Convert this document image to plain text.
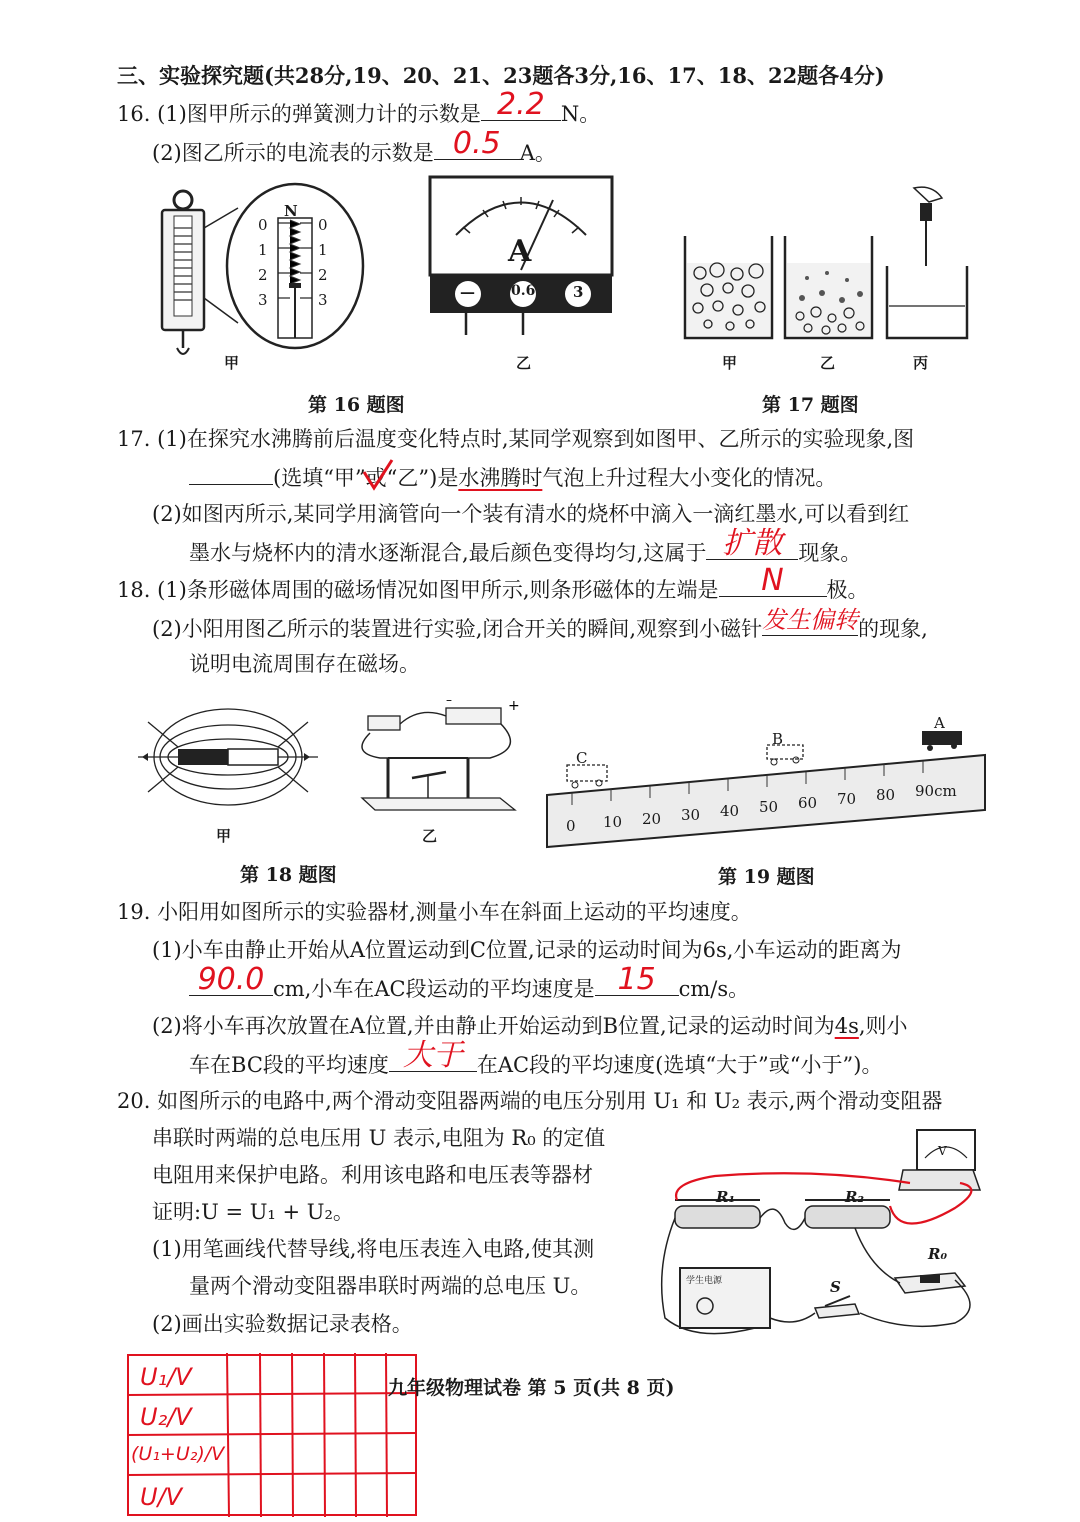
三、实验探究题(共28分,19、20、21、23题各3分,16、17、18、22题各4分)
16. (1)图甲所示的弹簧测力计的示数是 2.2 N。
(2)图乙所示的电流表的示数是 0.5 A。
N
0
1
2
3
0
1
2
3
甲
A
—	0.6	3
乙
第 16 题图
甲	乙	丙
第 17 题图
17. (1)在探究水沸腾前后温度变化特点时,某同学观察到如图甲、乙所示的实验现象,图
(选填“甲”或“乙”)是水沸腾时气泡上升过程大小变化的情况。
(2)如图丙所示,某同学用滴管向一个装有清水的烧杯中滴入一滴红墨水,可以看到红
墨水与烧杯内的清水逐渐混合,最后颜色变得均匀,这属于 扩散 现象。
18. (1)条形磁体周围的磁场情况如图甲所示,则条形磁体的左端是	N	极。
(2)小阳用图乙所示的装置进行实验,闭合开关的瞬间,观察到小磁针 发生偏转 的现象,
说明电流周围存在磁场。
甲
–	+
乙
第 18 题图
A
B
C
0 10 20 30 40 50 60 70 80 90cm
第 19 题图
19. 小阳用如图所示的实验器材,测量小车在斜面上运动的平均速度。
(1)小车由静止开始从A位置运动到C位置,记录的运动时间为6s,小车运动的距离为
90.0 cm,小车在AC段运动的平均速度是 15	cm/s。
(2)将小车再次放置在A位置,并由静止开始运动到B位置,记录的运动时间为4s,则小
车在BC段的平均速度 大于 在AC段的平均速度(选填“大于”或“小于”)。
20. 如图所示的电路中,两个滑动变阻器两端的电压分别用 U₁ 和 U₂ 表示,两个滑动变阻器
串联时两端的总电压用 U 表示,电阻为 R₀ 的定值
电阻用来保护电路。利用该电路和电压表等器材
证明:U = U₁ + U₂。
(1)用笔画线代替导线,将电压表连入电路,使其测
量两个滑动变阻器串联时两端的总电压 U。
(2)画出实验数据记录表格。
R₁	R₂
R₀
S
V
学生电源
U₁/V
U₂/V
(U₁+U₂)/V
U/V
九年级物理试卷 第 5 页(共 8 页)
